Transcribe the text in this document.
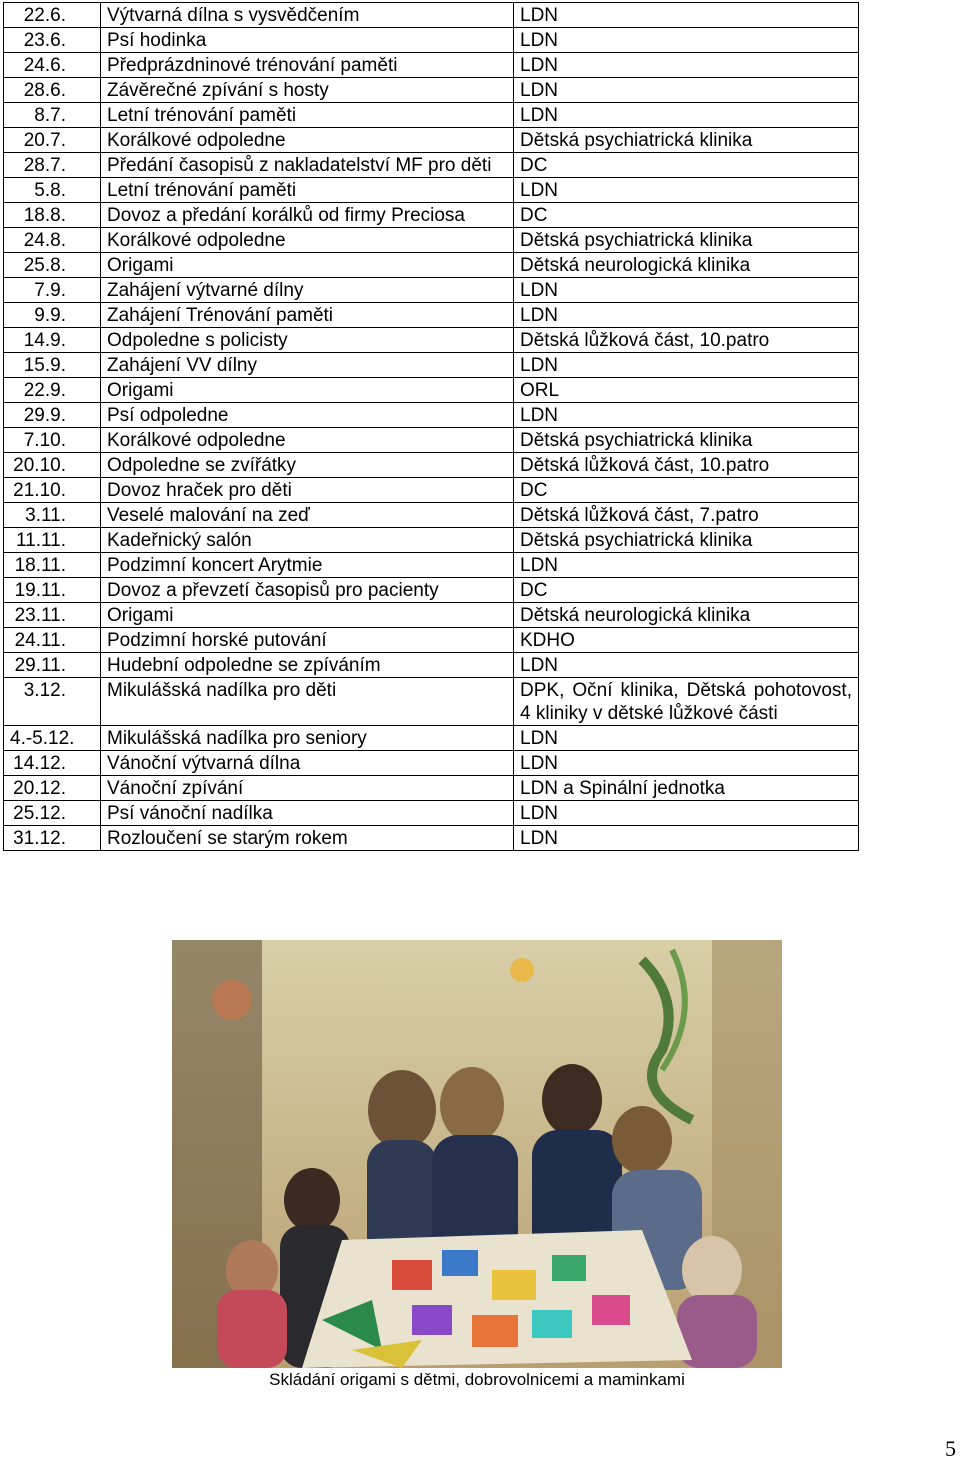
22.6.	Výtvarná dílna s vysvědčením	LDN
23.6.	Psí hodinka	LDN
24.6.	Předprázdninové trénování paměti	LDN
28.6.	Závěrečné zpívání s hosty	LDN
8.7.	Letní trénování paměti	LDN
20.7.	Korálkové odpoledne	Dětská psychiatrická klinika
28.7.	Předání časopisů z nakladatelství MF pro děti	DC
5.8.	Letní trénování paměti	LDN
18.8.	Dovoz a předání korálků od firmy Preciosa	DC
24.8.	Korálkové odpoledne	Dětská psychiatrická klinika
25.8.	Origami	Dětská neurologická klinika
7.9.	Zahájení výtvarné dílny	LDN
9.9.	Zahájení Trénování paměti	LDN
14.9.	Odpoledne s policisty	Dětská lůžková část, 10.patro
15.9.	Zahájení VV dílny	LDN
22.9.	Origami	ORL
29.9.	Psí odpoledne	LDN
7.10.	Korálkové odpoledne	Dětská psychiatrická klinika
20.10.	Odpoledne se zvířátky	Dětská lůžková část, 10.patro
21.10.	Dovoz hraček pro děti	DC
3.11.	Veselé malování na zeď	Dětská lůžková část, 7.patro
11.11.	Kadeřnický salón	Dětská psychiatrická klinika
18.11.	Podzimní koncert Arytmie	LDN
19.11.	Dovoz a převzetí časopisů pro pacienty	DC
23.11.	Origami	Dětská neurologická klinika
24.11.	Podzimní horské putování	KDHO
29.11.	Hudební odpoledne se zpíváním	LDN
3.12.	Mikulášská nadílka pro děti	DPK, Oční klinika, Dětská pohotovost, 4 kliniky v dětské lůžkové části
4.-5.12.	Mikulášská nadílka pro seniory	LDN
14.12.	Vánoční výtvarná dílna	LDN
20.12.	Vánoční zpívání	LDN a Spinální jednotka
25.12.	Psí vánoční nadílka	LDN
31.12.	Rozloučení se starým rokem	LDN
Skládání origami s dětmi, dobrovolnicemi a maminkami
5
